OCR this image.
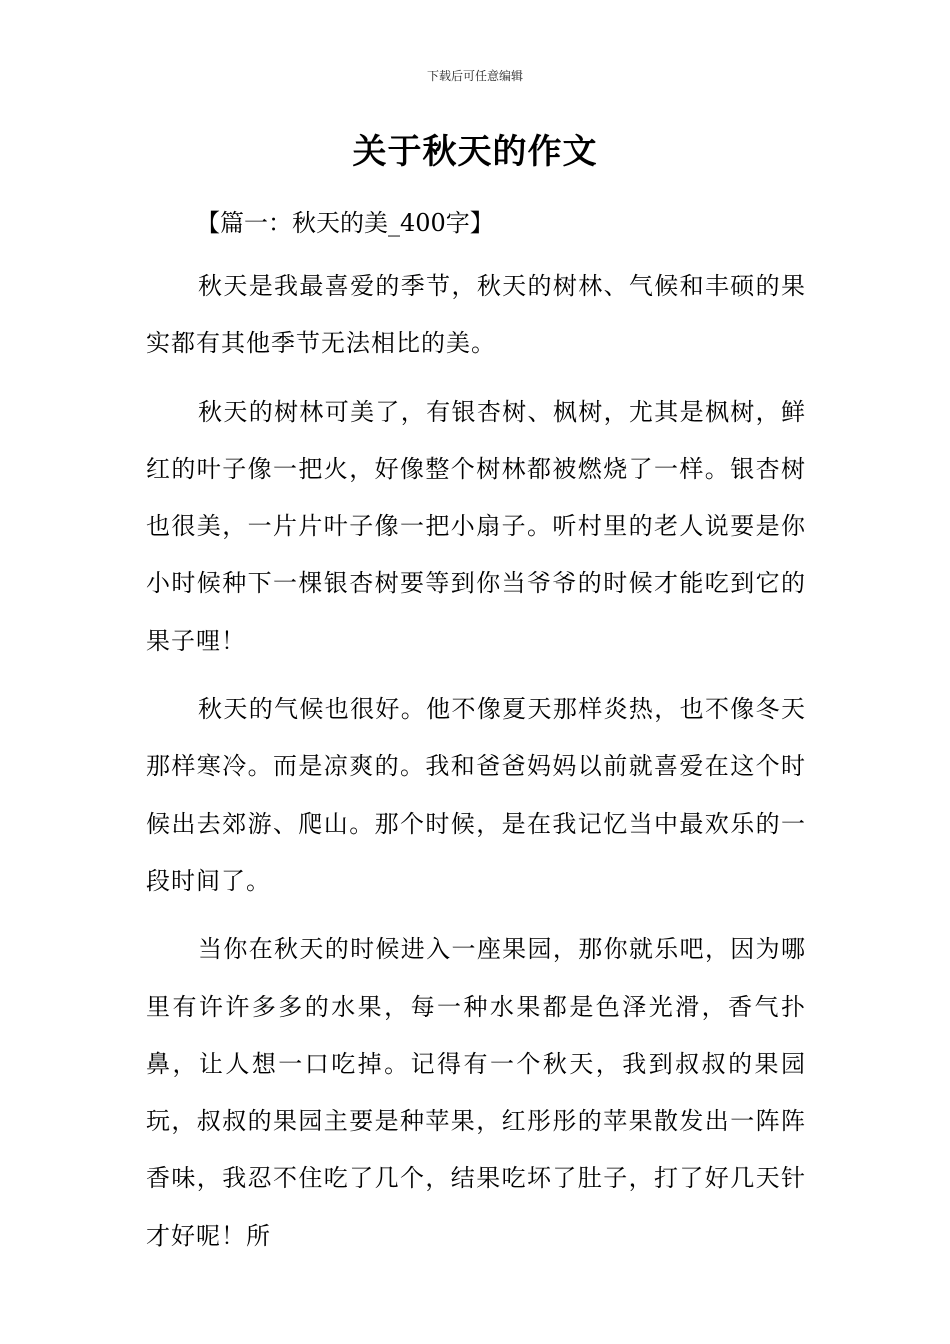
下载后可任意编辑
关于秋天的作文

【篇一：秋天的美_400字】

秋天是我最喜爱的季节，秋天的树林、气候和丰硕的果实都有其他季节无法相比的美。

秋天的树林可美了，有银杏树、枫树，尤其是枫树，鲜红的叶子像一把火，好像整个树林都被燃烧了一样。银杏树也很美，一片片叶子像一把小扇子。听村里的老人说要是你小时候种下一棵银杏树要等到你当爷爷的时候才能吃到它的果子哩！

秋天的气候也很好。他不像夏天那样炎热，也不像冬天那样寒冷。而是凉爽的。我和爸爸妈妈以前就喜爱在这个时候出去郊游、爬山。那个时候，是在我记忆当中最欢乐的一段时间了。

当你在秋天的时候进入一座果园，那你就乐吧，因为哪里有许许多多的水果，每一种水果都是色泽光滑，香气扑鼻，让人想一口吃掉。记得有一个秋天，我到叔叔的果园玩，叔叔的果园主要是种苹果，红彤彤的苹果散发出一阵阵香味，我忍不住吃了几个，结果吃坏了肚子，打了好几天针才好呢！所
